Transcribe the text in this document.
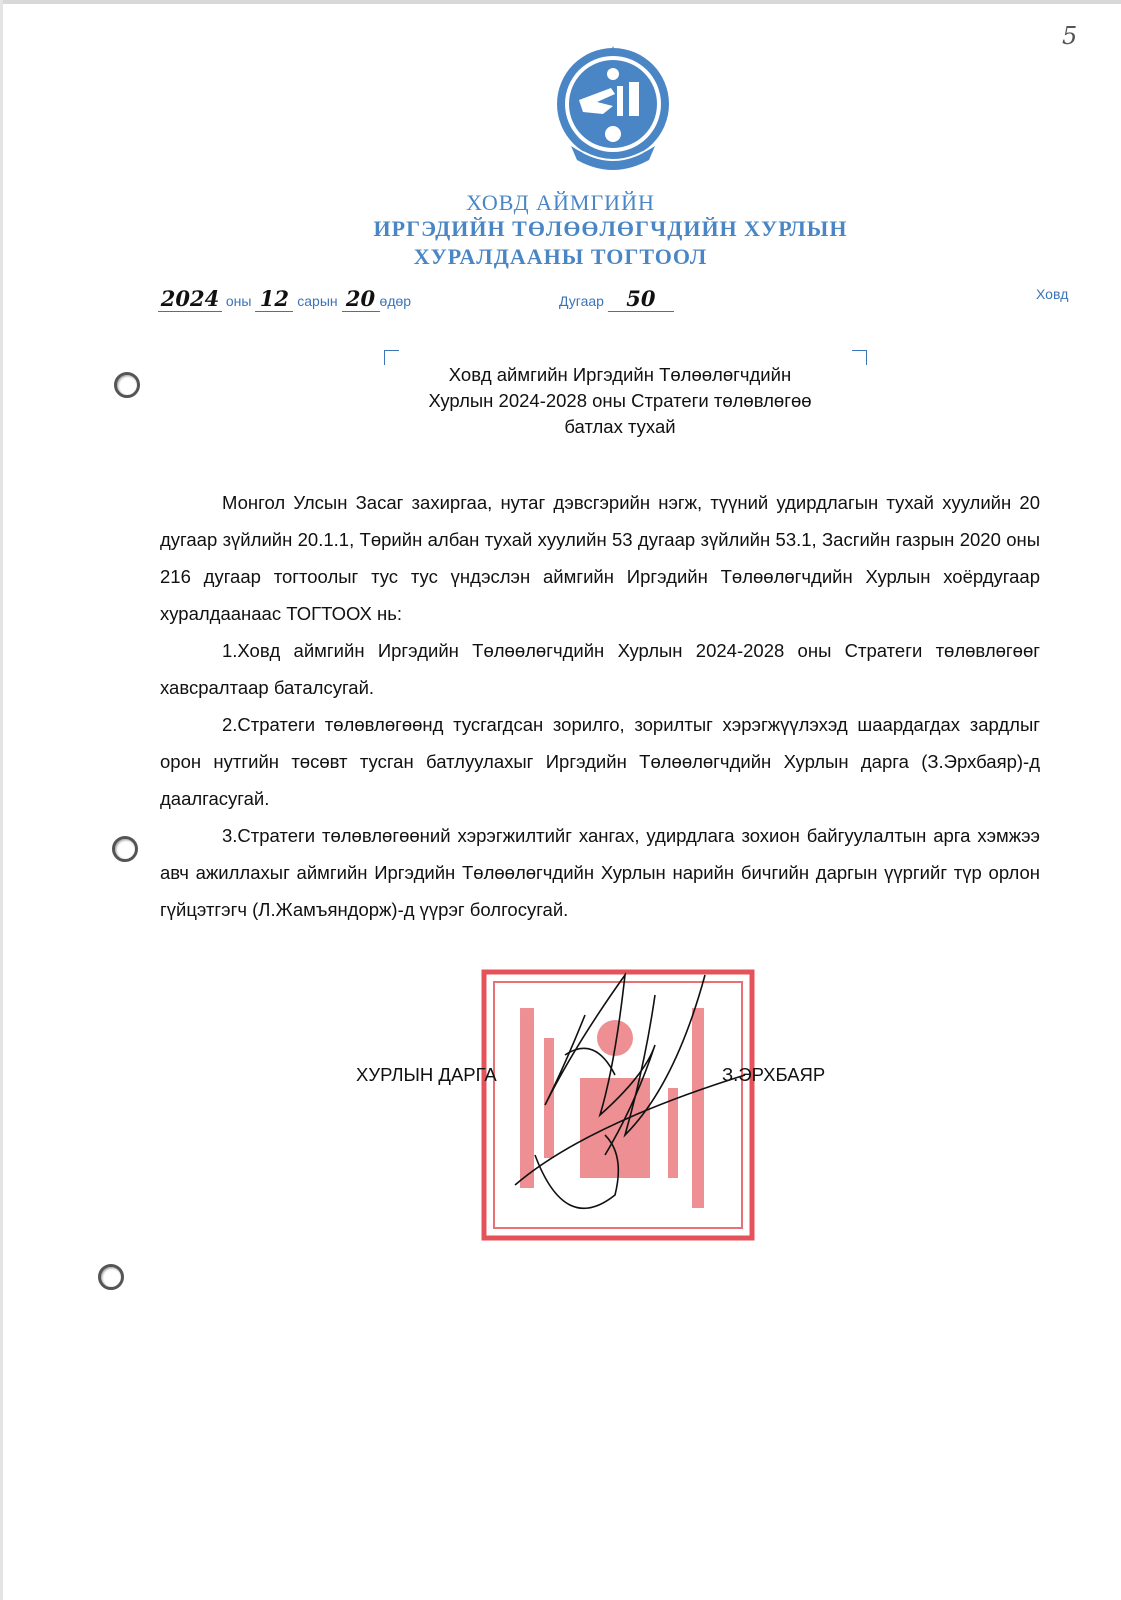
5
ХОВД АЙМГИЙН
ИРГЭДИЙН ТӨЛӨӨЛӨГЧДИЙН ХУРЛЫН
ХУРАЛДААНЫ ТОГТООЛ
2024 оны 12 сарын 20 өдөр	Дугаар 50	Ховд
Ховд аймгийн Иргэдийн Төлөөлөгчдийн
Хурлын 2024-2028 оны Стратеги төлөвлөгөө
батлах тухай

Монгол Улсын Засаг захиргаа, нутаг дэвсгэрийн нэгж, түүний удирдлагын тухай хуулийн 20 дугаар зүйлийн 20.1.1, Төрийн албан тухай хуулийн 53 дугаар зүйлийн 53.1, Засгийн газрын 2020 оны 216 дугаар тогтоолыг тус тус үндэслэн аймгийн Иргэдийн Төлөөлөгчдийн Хурлын хоёрдугаар хуралдаанаас ТОГТООХ нь:

1.Ховд аймгийн Иргэдийн Төлөөлөгчдийн Хурлын 2024-2028 оны Стратеги төлөвлөгөөг хавсралтаар батaлсугай.

2.Стратеги төлөвлөгөөнд тусгагдсан зорилго, зорилтыг хэрэгжүүлэхэд шаардагдах зардлыг орон нутгийн төсөвт тусган батлуулахыг Иргэдийн Төлөөлөгчдийн Хурлын дарга (З.Эрхбаяр)-д даалгасугай.

3.Стратеги төлөвлөгөөний хэрэгжилтийг хангах, удирдлага зохион байгуулалтын арга хэмжээ авч ажиллахыг аймгийн Иргэдийн Төлөөлөгчдийн Хурлын нарийн бичгийн даргын үүргийг түр орлон гүйцэтгэгч (Л.Жамъяндорж)-д үүрэг болгосугай.

ХУРЛЫН ДАРГА	З.ЭРХБАЯР
